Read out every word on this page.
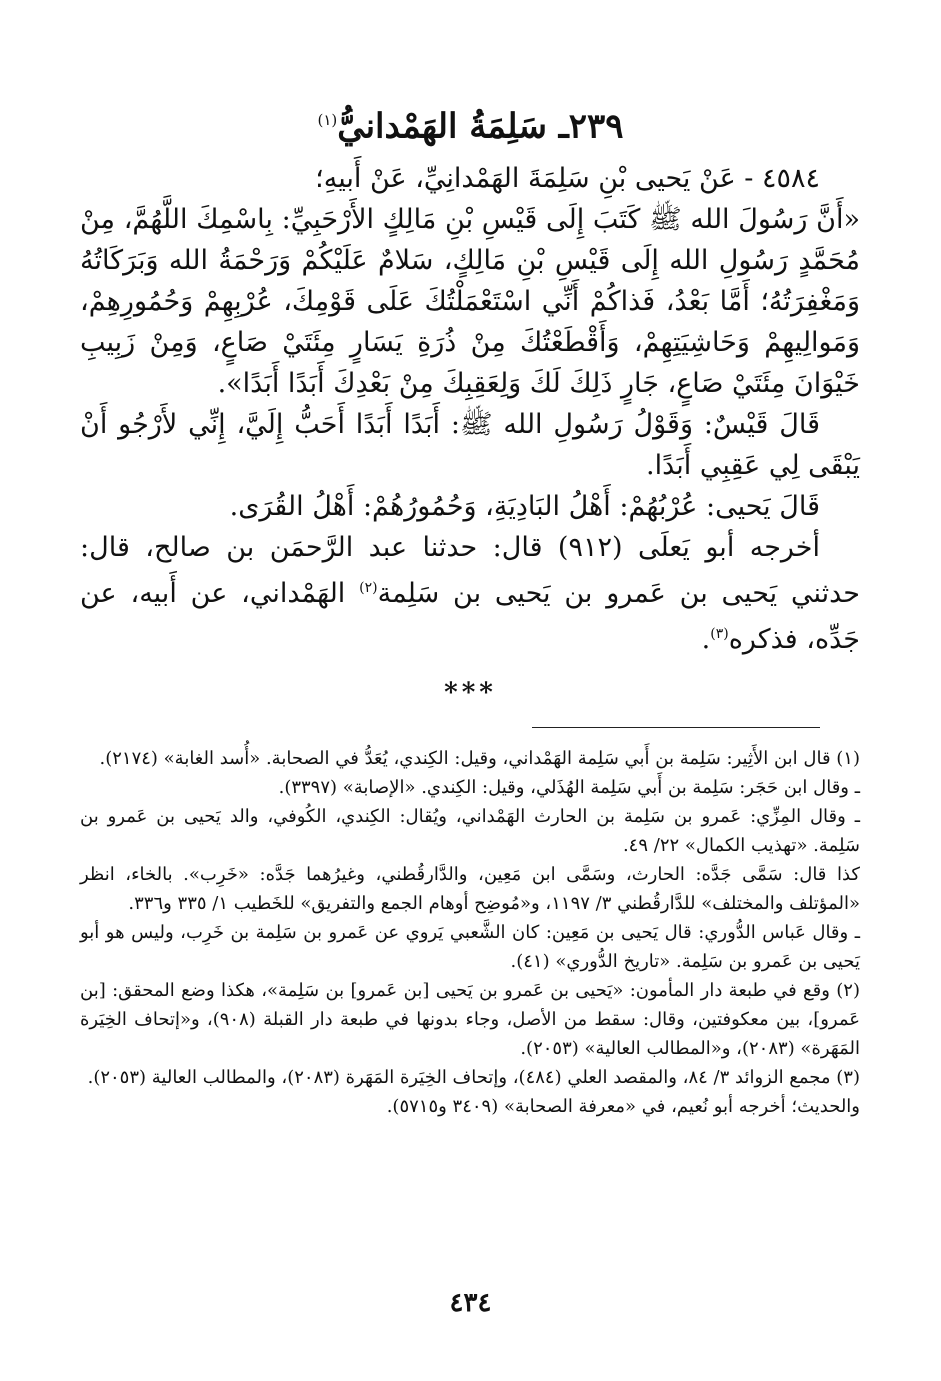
٢٣٩ـ سَلِمَةُ الهَمْدانيُّ$^{(١)}$

٤٥٨٤ - عَنْ يَحيى بْنِ سَلِمَةَ الهَمْدانِيِّ، عَنْ أَبيهِ؛

«أَنَّ رَسُولَ الله ﷺ كَتَبَ إِلَى قَيْسِ بْنِ مَالِكٍ الأَرْحَبِيِّ: بِاسْمِكَ اللَّهُمَّ، مِنْ مُحَمَّدٍ رَسُولِ الله إِلَى قَيْسِ بْنِ مَالِكٍ، سَلامٌ عَلَيْكُمْ وَرَحْمَةُ الله وَبَرَكَاتُهُ وَمَغْفِرَتُهُ؛ أَمَّا بَعْدُ، فَذاكُمْ أَنِّي اسْتَعْمَلْتُكَ عَلَى قَوْمِكَ، عُرْبِهِمْ وَحُمُورِهِمْ، وَمَوالِيهِمْ وَحَاشِيَتِهِمْ، وَأَقْطَعْتُكَ مِنْ ذُرَةِ يَسَارٍ مِئَتَيْ صَاعٍ، وَمِنْ زَبِيبِ خَيْوَانَ مِئَتَيْ صَاعٍ، جَارٍ ذَلِكَ لَكَ وَلِعَقِبِكَ مِنْ بَعْدِكَ أَبَدًا أَبَدًا».

قَالَ قَيْسٌ: وَقَوْلُ رَسُولِ الله ﷺ: أَبَدًا أَبَدًا أَحَبُّ إِلَيَّ، إِنِّي لأَرْجُو أَنْ يَبْقَى لِي عَقِبِي أَبَدًا.

قَالَ يَحيى: عُرْبُهُمْ: أَهْلُ البَادِيَةِ، وَحُمُورُهُمْ: أَهْلُ القُرَى.

أخرجه أبو يَعلَى (٩١٢) قال: حدثنا عبد الرَّحمَن بن صالح، قال: حدثني يَحيى بن عَمرو بن يَحيى بن سَلِمة$^{(٢)}$ الهَمْداني، عن أَبيه، عن جَدِّه، فذكره$^{(٣)}$.

***

(١) قال ابن الأَثِير: سَلِمة بن أَبي سَلِمة الهَمْداني، وقيل: الكِندي، يُعَدُّ في الصحابة. «أُسد الغابة» (٢١٧٤).

ـ وقال ابن حَجَر: سَلِمة بن أَبي سَلِمة الهُذَلي، وقيل: الكِندي. «الإصابة» (٣٣٩٧).

ـ وقال المِزِّي: عَمرو بن سَلِمة بن الحارث الهَمْداني، ويُقال: الكِندي، الكُوفي، والد يَحيى بن عَمرو بن سَلِمة. «تهذيب الكمال» ٢٢/ ٤٩.

كذا قال: سَمَّى جَدَّه: الحارث، وسَمَّى ابن مَعِين، والدَّارقُطني، وغيرُهما جَدَّه: «خَرِب». بالخاء، انظر «المؤتلف والمختلف» للدَّارقُطني ٣/ ١١٩٧، و«مُوضِح أوهام الجمع والتفريق» للخَطيب ١/ ٣٣٥ و٣٣٦.

ـ وقال عَباس الدُّوري: قال يَحيى بن مَعِين: كان الشَّعبي يَروي عن عَمرو بن سَلِمة بن خَرِب، وليس هو أبو يَحيى بن عَمرو بن سَلِمة. «تاريخ الدُّوري» (٤١).

(٢) وقع في طبعة دار المأمون: «يَحيى بن عَمرو بن يَحيى [بن عَمرو] بن سَلِمة»، هكذا وضع المحقق: [بن عَمرو]، بين معكوفتين، وقال: سقط من الأصل، وجاء بدونها في طبعة دار القبلة (٩٠٨)، و«إتحاف الخِيَرة المَهَرة» (٢٠٨٣)، و«المطالب العالية» (٢٠٥٣).

(٣) مجمع الزوائد ٣/ ٨٤، والمقصد العلي (٤٨٤)، وإتحاف الخِيَرة المَهَرة (٢٠٨٣)، والمطالب العالية (٢٠٥٣).

والحديث؛ أخرجه أبو نُعيم، في «معرفة الصحابة» (٣٤٠٩ و٥٧١٥).

٤٣٤
